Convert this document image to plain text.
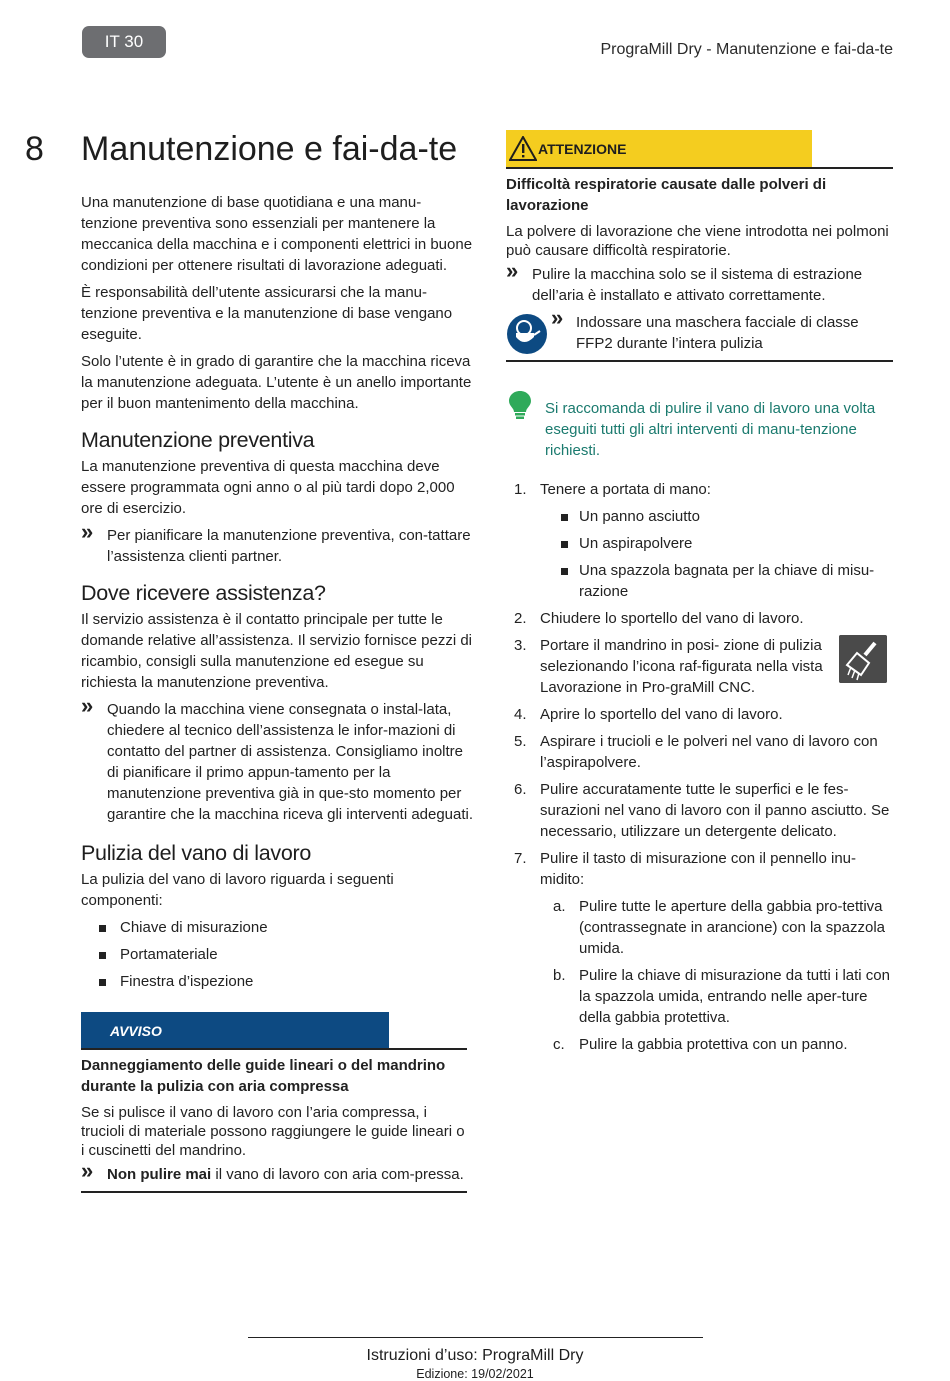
IT 30	PrograMill Dry - Manutenzione e fai-da-te
8 Manutenzione e fai-da-te

Una manutenzione di base quotidiana e una manu-tenzione preventiva sono essenziali per mantenere la meccanica della macchina e i componenti elettrici in buone condizioni per ottenere risultati di lavorazione adeguati.

È responsabilità dell’utente assicurarsi che la manu-tenzione preventiva e la manutenzione di base vengano eseguite.

Solo l’utente è in grado di garantire che la macchina riceva la manutenzione adeguata. L’utente è un anello importante per il buon mantenimento della macchina.

Manutenzione preventiva

La manutenzione preventiva di questa macchina deve essere programmata ogni anno o al più tardi dopo 2,000 ore di esercizio.

» Per pianificare la manutenzione preventiva, con-tattare l’assistenza clienti partner.
Dove ricevere assistenza?

Il servizio assistenza è il contatto principale per tutte le domande relative all’assistenza. Il servizio fornisce pezzi di ricambio, consigli sulla manutenzione ed esegue su richiesta la manutenzione preventiva.

» Quando la macchina viene consegnata o instal-lata, chiedere al tecnico dell’assistenza le infor-mazioni di contatto del partner di assistenza. Consigliamo inoltre di pianificare il primo appun-tamento per la manutenzione preventiva già in que-sto momento per garantire che la macchina riceva gli interventi adeguati.
Pulizia del vano di lavoro

La pulizia del vano di lavoro riguarda i seguenti componenti:

Chiave di misurazione
Portamateriale
Finestra d’ispezione
AVVISO

Danneggiamento delle guide lineari o del mandrino durante la pulizia con aria compressa

Se si pulisce il vano di lavoro con l’aria compressa, i trucioli di materiale possono raggiungere le guide lineari o i cuscinetti del mandrino.

» Non pulire mai il vano di lavoro con aria com-pressa.
ATTENZIONE

Difficoltà respiratorie causate dalle polveri di lavorazione

La polvere di lavorazione che viene introdotta nei polmoni può causare difficoltà respiratorie.

» Pulire la macchina solo se il sistema di estrazione dell’aria è installato e attivato correttamente.
» Indossare una maschera facciale di classe FFP2 durante l’intera pulizia
Si raccomanda di pulire il vano di lavoro una volta eseguiti tutti gli altri interventi di manu-tenzione richiesti.
1. Tenere a portata di mano:
Un panno asciutto
Un aspirapolvere
Una spazzola bagnata per la chiave di misu-razione
2. Chiudere lo sportello del vano di lavoro.
3. Portare il mandrino in posi- zione di pulizia selezionando l’icona raf-figurata nella vista Lavorazione in Pro-graMill CNC.
4. Aprire lo sportello del vano di lavoro.
5. Aspirare i trucioli e le polveri nel vano di lavoro con l’aspirapolvere.
6. Pulire accuratamente tutte le superfici e le fes-surazioni nel vano di lavoro con il panno asciutto. Se necessario, utilizzare un detergente delicato.
7. Pulire il tasto di misurazione con il pennello inu-midito:
a. Pulire tutte le aperture della gabbia pro-tettiva (contrassegnate in arancione) con la spazzola umida.
b. Pulire la chiave di misurazione da tutti i lati con la spazzola umida, entrando nelle aper-ture della gabbia protettiva.
c. Pulire la gabbia protettiva con un panno.
Istruzioni d’uso: PrograMill Dry
Edizione: 19/02/2021
